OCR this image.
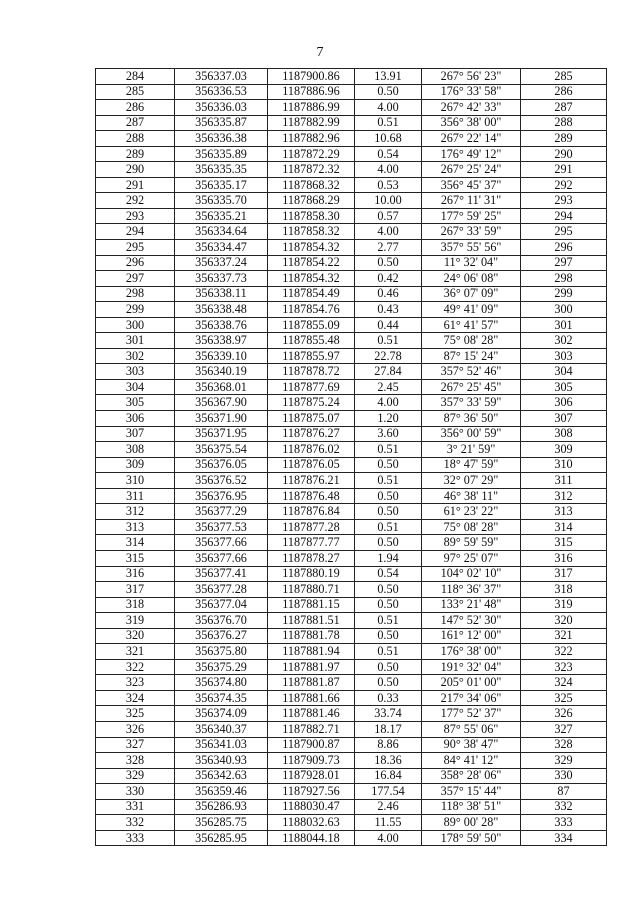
7
284	356337.03	1187900.86	13.91	267° 56' 23"	285
285	356336.53	1187886.96	0.50	176° 33' 58"	286
286	356336.03	1187886.99	4.00	267° 42' 33"	287
287	356335.87	1187882.99	0.51	356° 38' 00"	288
288	356336.38	1187882.96	10.68	267° 22' 14"	289
289	356335.89	1187872.29	0.54	176° 49' 12"	290
290	356335.35	1187872.32	4.00	267° 25' 24"	291
291	356335.17	1187868.32	0.53	356° 45' 37"	292
292	356335.70	1187868.29	10.00	267° 11' 31"	293
293	356335.21	1187858.30	0.57	177° 59' 25"	294
294	356334.64	1187858.32	4.00	267° 33' 59"	295
295	356334.47	1187854.32	2.77	357° 55' 56"	296
296	356337.24	1187854.22	0.50	11° 32' 04"	297
297	356337.73	1187854.32	0.42	24° 06' 08"	298
298	356338.11	1187854.49	0.46	36° 07' 09"	299
299	356338.48	1187854.76	0.43	49° 41' 09"	300
300	356338.76	1187855.09	0.44	61° 41' 57"	301
301	356338.97	1187855.48	0.51	75° 08' 28"	302
302	356339.10	1187855.97	22.78	87° 15' 24"	303
303	356340.19	1187878.72	27.84	357° 52' 46"	304
304	356368.01	1187877.69	2.45	267° 25' 45"	305
305	356367.90	1187875.24	4.00	357° 33' 59"	306
306	356371.90	1187875.07	1.20	87° 36' 50"	307
307	356371.95	1187876.27	3.60	356° 00' 59"	308
308	356375.54	1187876.02	0.51	3° 21' 59"	309
309	356376.05	1187876.05	0.50	18° 47' 59"	310
310	356376.52	1187876.21	0.51	32° 07' 29"	311
311	356376.95	1187876.48	0.50	46° 38' 11"	312
312	356377.29	1187876.84	0.50	61° 23' 22"	313
313	356377.53	1187877.28	0.51	75° 08' 28"	314
314	356377.66	1187877.77	0.50	89° 59' 59"	315
315	356377.66	1187878.27	1.94	97° 25' 07"	316
316	356377.41	1187880.19	0.54	104° 02' 10"	317
317	356377.28	1187880.71	0.50	118° 36' 37"	318
318	356377.04	1187881.15	0.50	133° 21' 48"	319
319	356376.70	1187881.51	0.51	147° 52' 30"	320
320	356376.27	1187881.78	0.50	161° 12' 00"	321
321	356375.80	1187881.94	0.51	176° 38' 00"	322
322	356375.29	1187881.97	0.50	191° 32' 04"	323
323	356374.80	1187881.87	0.50	205° 01' 00"	324
324	356374.35	1187881.66	0.33	217° 34' 06"	325
325	356374.09	1187881.46	33.74	177° 52' 37"	326
326	356340.37	1187882.71	18.17	87° 55' 06"	327
327	356341.03	1187900.87	8.86	90° 38' 47"	328
328	356340.93	1187909.73	18.36	84° 41' 12"	329
329	356342.63	1187928.01	16.84	358° 28' 06"	330
330	356359.46	1187927.56	177.54	357° 15' 44"	87
331	356286.93	1188030.47	2.46	118° 38' 51"	332
332	356285.75	1188032.63	11.55	89° 00' 28"	333
333	356285.95	1188044.18	4.00	178° 59' 50"	334
